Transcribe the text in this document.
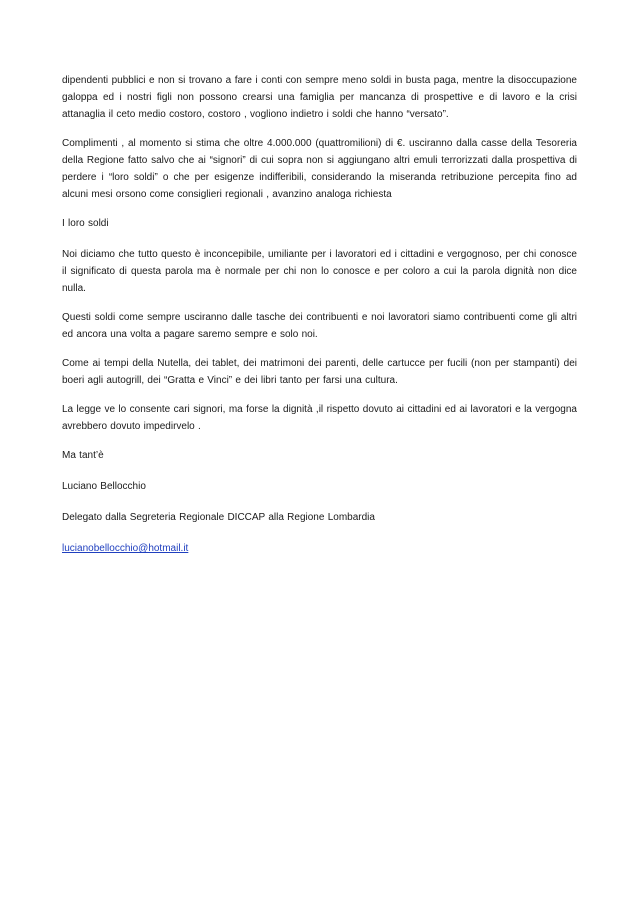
dipendenti pubblici e non si trovano a fare i conti con sempre meno soldi in busta paga, mentre la disoccupazione galoppa ed i nostri figli non possono crearsi una famiglia per mancanza di prospettive e di lavoro e la crisi attanaglia il ceto medio costoro, costoro , vogliono indietro i soldi che hanno “versato”.

Complimenti , al momento si stima che oltre 4.000.000 (quattromilioni) di €. usciranno dalla casse della Tesoreria della Regione fatto salvo che ai “signori” di cui sopra non si aggiungano altri emuli terrorizzati dalla prospettiva di perdere i “loro soldi” o che per esigenze indifferibili, considerando la miseranda retribuzione percepita fino ad alcuni mesi orsono come consiglieri regionali , avanzino analoga richiesta

I loro soldi

Noi diciamo che tutto questo è inconcepibile, umiliante per i lavoratori ed i cittadini e vergognoso, per chi conosce il significato di questa parola ma è normale per chi non lo conosce e per coloro a cui la parola dignità non dice nulla.

Questi soldi come sempre usciranno dalle tasche dei contribuenti e noi lavoratori siamo contribuenti come gli altri ed ancora una volta a pagare saremo sempre e solo noi.

Come ai tempi della Nutella, dei tablet, dei matrimoni dei parenti, delle cartucce per fucili (non per stampanti) dei boeri agli autogrill, dei “Gratta e Vinci” e dei libri tanto per farsi una cultura.

La legge ve lo consente cari signori, ma forse la dignità ,il rispetto dovuto ai cittadini ed ai lavoratori e la vergogna avrebbero dovuto impedirvelo .

Ma tant’è

Luciano Bellocchio

Delegato dalla Segreteria Regionale DICCAP alla Regione Lombardia

lucianobellocchio@hotmail.it
